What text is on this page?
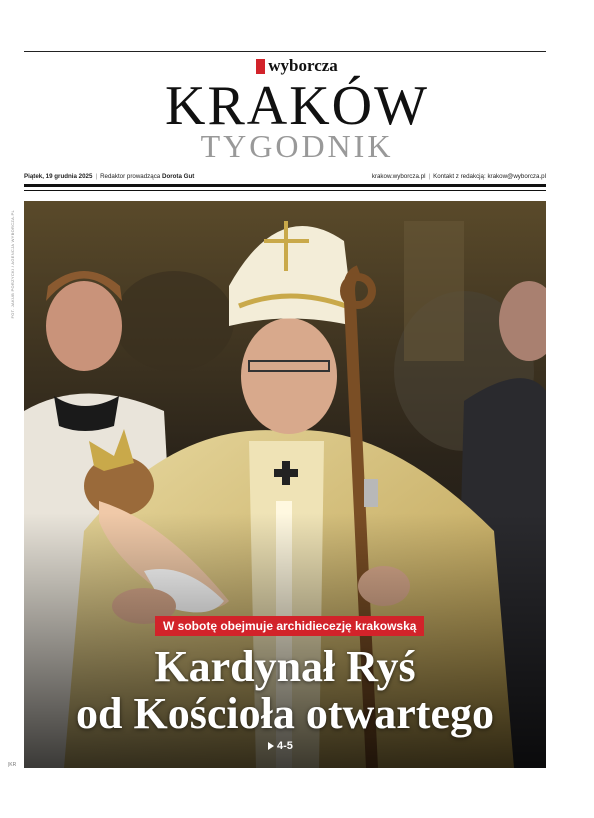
wyborcza
KRAKÓW
TYGODNIK
Piątek, 19 grudnia 2025 | Redaktor prowadząca Dorota Gut	krakow.wyborcza.pl | Kontakt z redakcją: krakow@wyborcza.pl
FOT. JAKUB PORZYCKI / AGENCJA WYBORCZA.PL
W sobotę obejmuje archidiecezję krakowską
Kardynał Ryś
od Kościoła otwartego
4-5
|KR
